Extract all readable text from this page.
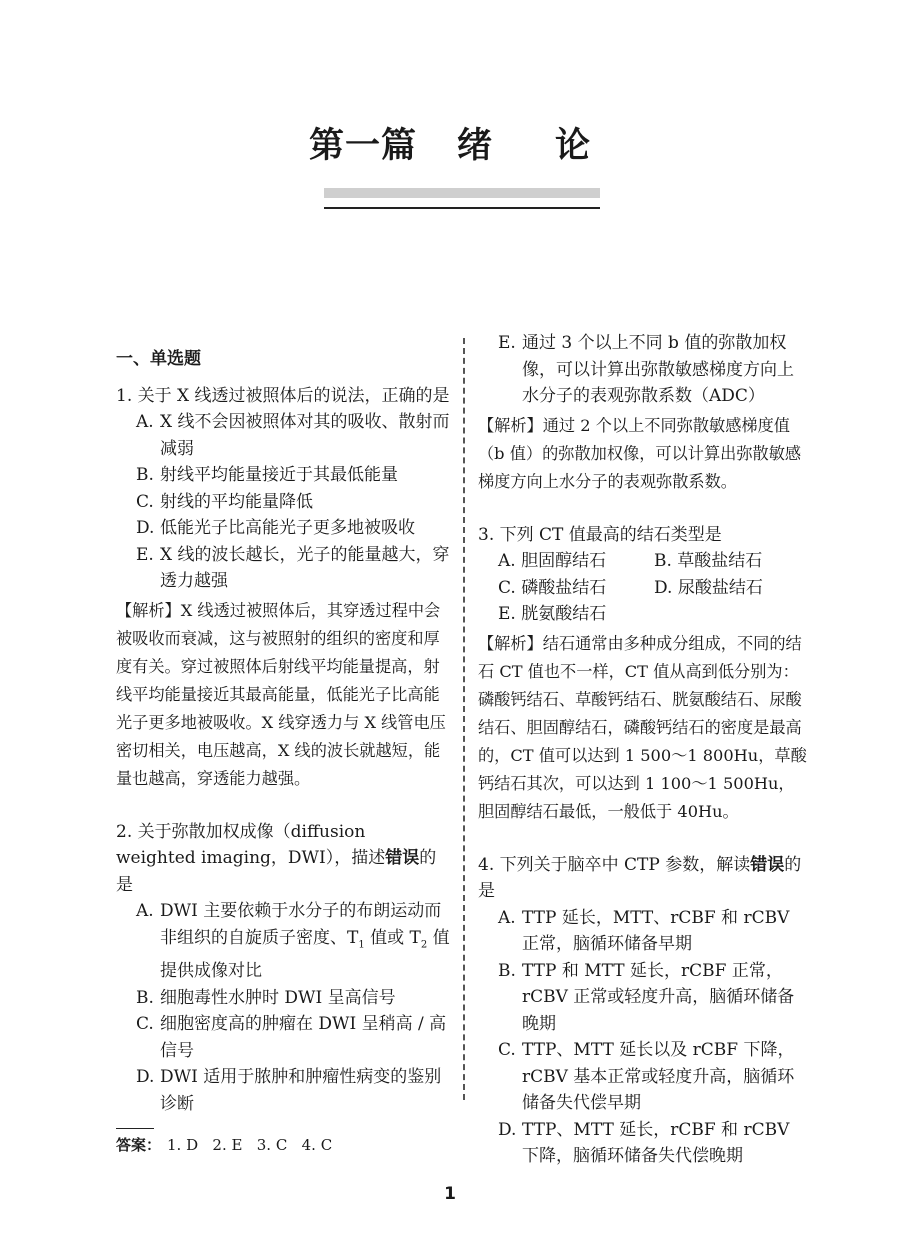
第一篇 绪 论
一、单选题

1. 关于 X 线透过被照体后的说法，正确的是

A. X 线不会因被照体对其的吸收、散射而减弱
B. 射线平均能量接近于其最低能量
C. 射线的平均能量降低
D. 低能光子比高能光子更多地被吸收
E. X 线的波长越长，光子的能量越大，穿透力越强

【解析】X 线透过被照体后，其穿透过程中会被吸收而衰减，这与被照射的组织的密度和厚度有关。穿过被照体后射线平均能量提高，射线平均能量接近其最高能量，低能光子比高能光子更多地被吸收。X 线穿透力与 X 线管电压密切相关，电压越高，X 线的波长就越短，能量也越高，穿透能力越强。

2. 关于弥散加权成像（diffusion weighted imaging，DWI），描述错误的是

A. DWI 主要依赖于水分子的布朗运动而非组织的自旋质子密度、$T_1$ 值或 $T_2$ 值提供成像对比
B. 细胞毒性水肿时 DWI 呈高信号
C. 细胞密度高的肿瘤在 DWI 呈稍高 / 高信号
D. DWI 适用于脓肿和肿瘤性病变的鉴别诊断
E. 通过 3 个以上不同 b 值的弥散加权像，可以计算出弥散敏感梯度方向上水分子的表观弥散系数（ADC）

【解析】通过 2 个以上不同弥散敏感梯度值（b 值）的弥散加权像，可以计算出弥散敏感梯度方向上水分子的表观弥散系数。

3. 下列 CT 值最高的结石类型是

A. 胆固醇结石	B. 草酸盐结石
C. 磷酸盐结石	D. 尿酸盐结石
E. 胱氨酸结石

【解析】结石通常由多种成分组成，不同的结石 CT 值也不一样，CT 值从高到低分别为：磷酸钙结石、草酸钙结石、胱氨酸结石、尿酸结石、胆固醇结石，磷酸钙结石的密度是最高的，CT 值可以达到 1 500～1 800Hu，草酸钙结石其次，可以达到 1 100～1 500Hu，胆固醇结石最低，一般低于 40Hu。

4. 下列关于脑卒中 CTP 参数，解读错误的是

A. TTP 延长，MTT、rCBF 和 rCBV 正常，脑循环储备早期
B. TTP 和 MTT 延长，rCBF 正常，rCBV 正常或轻度升高，脑循环储备晚期
C. TTP、MTT 延长以及 rCBF 下降，rCBV 基本正常或轻度升高，脑循环储备失代偿早期
D. TTP、MTT 延长，rCBF 和 rCBV 下降，脑循环储备失代偿晚期
答案： 1. D   2. E   3. C   4. C
1
